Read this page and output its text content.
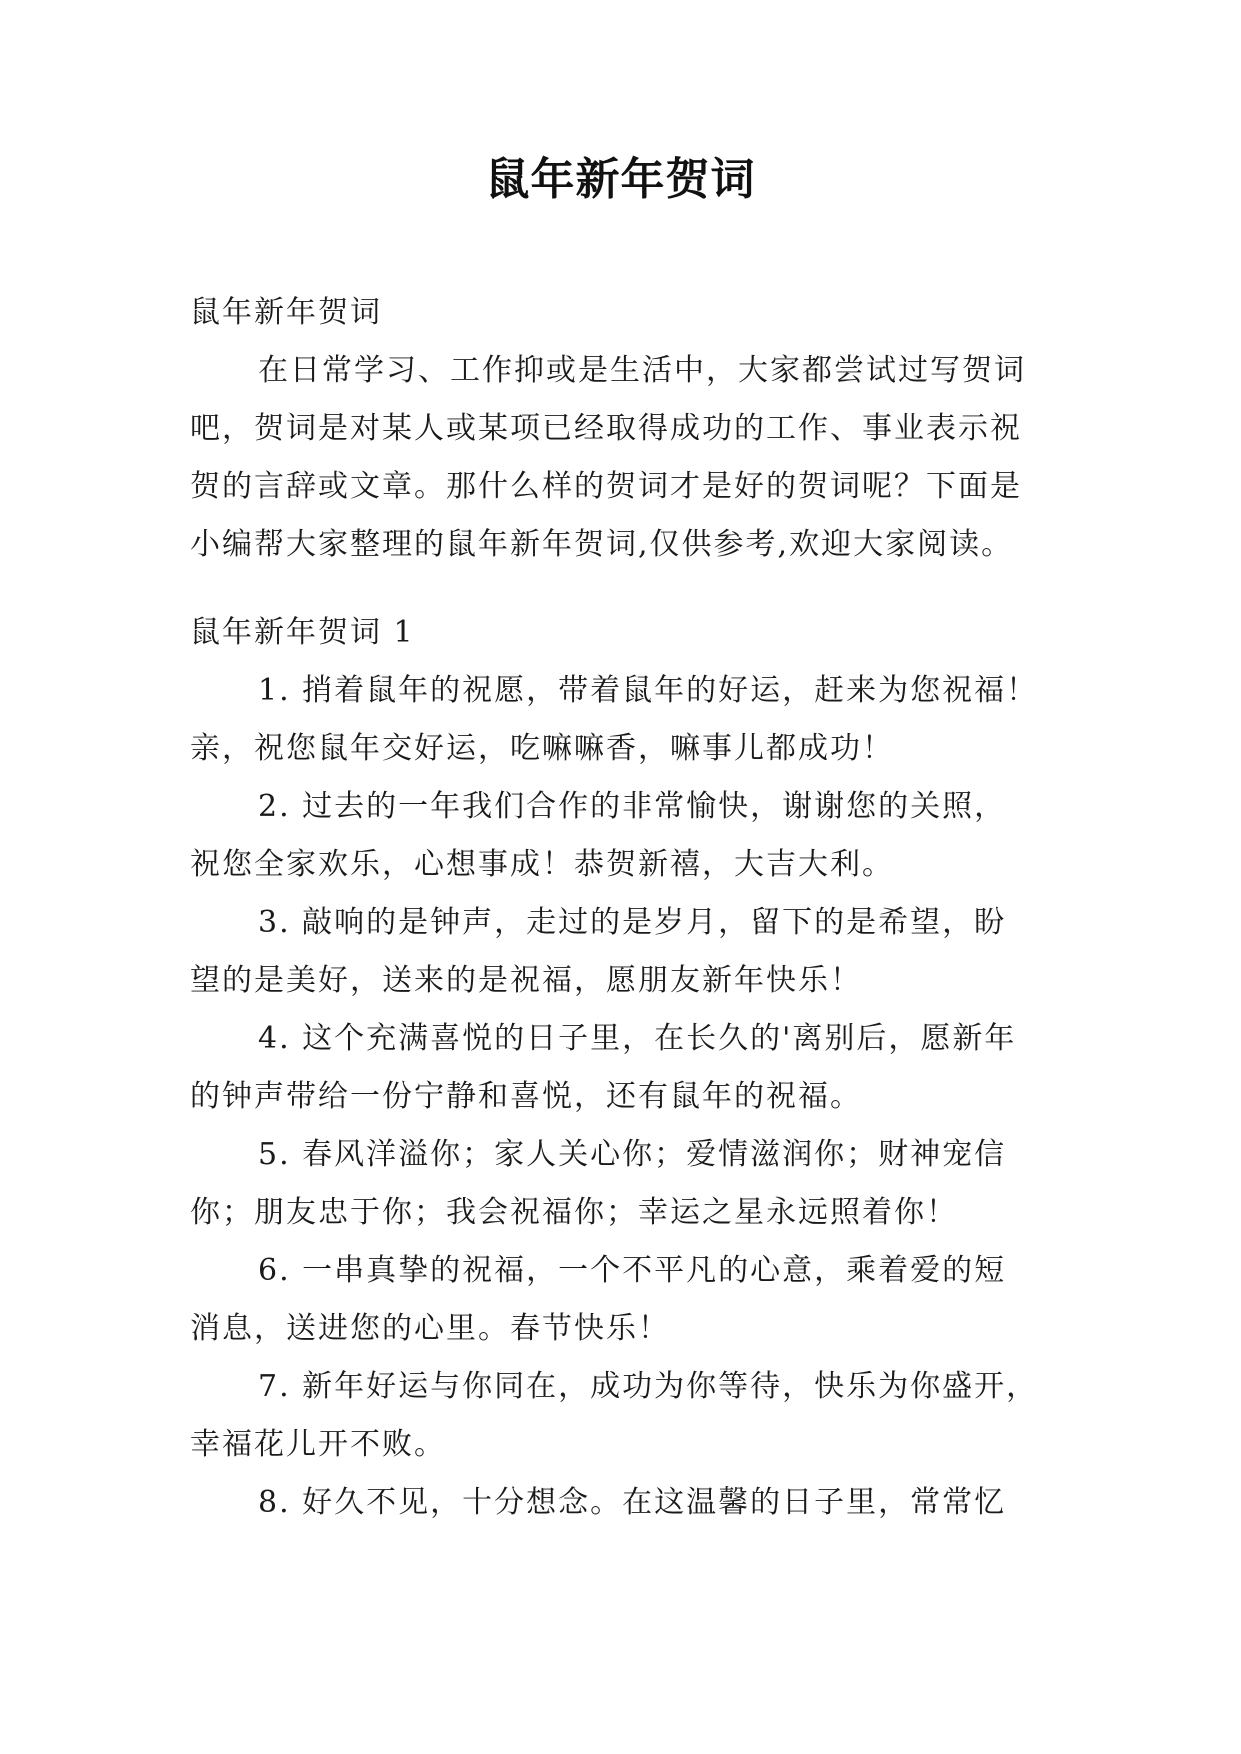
鼠年新年贺词

鼠年新年贺词

在日常学习、工作抑或是生活中，大家都尝试过写贺词

吧，贺词是对某人或某项已经取得成功的工作、事业表示祝

贺的言辞或文章。那什么样的贺词才是好的贺词呢？下面是

小编帮大家整理的鼠年新年贺词,仅供参考,欢迎大家阅读。

鼠年新年贺词 1

1. 捎着鼠年的祝愿，带着鼠年的好运，赶来为您祝福！

亲，祝您鼠年交好运，吃嘛嘛香，嘛事儿都成功！

2. 过去的一年我们合作的非常愉快，谢谢您的关照，

祝您全家欢乐，心想事成！恭贺新禧，大吉大利。

3. 敲响的是钟声，走过的是岁月，留下的是希望，盼

望的是美好，送来的是祝福，愿朋友新年快乐！

4. 这个充满喜悦的日子里，在长久的'离别后，愿新年

的钟声带给一份宁静和喜悦，还有鼠年的祝福。

5. 春风洋溢你；家人关心你；爱情滋润你；财神宠信

你；朋友忠于你；我会祝福你；幸运之星永远照着你！

6. 一串真挚的祝福，一个不平凡的心意，乘着爱的短

消息，送进您的心里。春节快乐！

7. 新年好运与你同在，成功为你等待，快乐为你盛开，

幸福花儿开不败。

8. 好久不见，十分想念。在这温馨的日子里，常常忆
